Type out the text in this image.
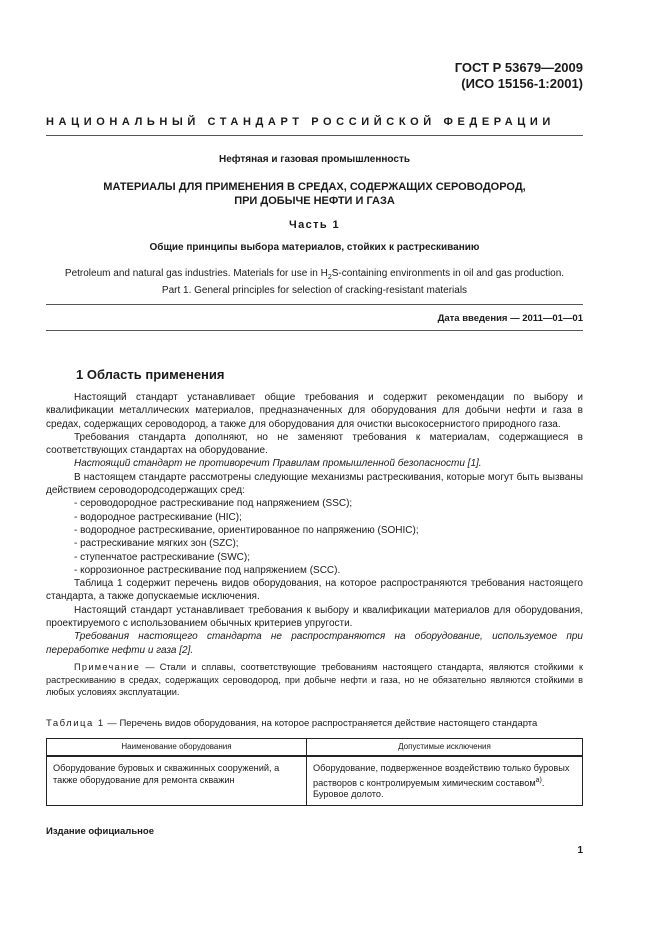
ГОСТ Р 53679—2009
(ИСО 15156-1:2001)
НАЦИОНАЛЬНЫЙ СТАНДАРТ РОССИЙСКОЙ ФЕДЕРАЦИИ
Нефтяная и газовая промышленность
МАТЕРИАЛЫ ДЛЯ ПРИМЕНЕНИЯ В СРЕДАХ, СОДЕРЖАЩИХ СЕРОВОДОРОД,
ПРИ ДОБЫЧЕ НЕФТИ И ГАЗА
Часть 1
Общие принципы выбора материалов, стойких к растрескиванию
Petroleum and natural gas industries. Materials for use in $H_2S$-containing environments in oil and gas production.
Part 1. General principles for selection of cracking-resistant materials
Дата введения — 2011—01—01
1 Область применения

Настоящий стандарт устанавливает общие требования и содержит рекомендации по выбору и квалификации металлических материалов, предназначенных для оборудования для добычи нефти и газа в средах, содержащих сероводород, а также для оборудования для очистки высокосернистого природного газа.

Требования стандарта дополняют, но не заменяют требования к материалам, содержащиеся в соответствующих стандартах на оборудование.

Настоящий стандарт не противоречит Правилам промышленной безопасности [1].

В настоящем стандарте рассмотрены следующие механизмы растрескивания, которые могут быть вызваны действием сероводородсодержащих сред:

- сероводородное растрескивание под напряжением (SSC);
- водородное растрескивание (HIC);
- водородное растрескивание, ориентированное по напряжению (SOHIC);
- растрескивание мягких зон (SZC);
- ступенчатое растрескивание (SWC);
- коррозионное растрескивание под напряжением (SCC).

Таблица 1 содержит перечень видов оборудования, на которое распространяются требования настоящего стандарта, а также допускаемые исключения.

Настоящий стандарт устанавливает требования к выбору и квалификации материалов для оборудования, проектируемого с использованием обычных критериев упругости.

Требования настоящего стандарта не распространяются на оборудование, используемое при переработке нефти и газа [2].

Примечание — Стали и сплавы, соответствующие требованиям настоящего стандарта, являются стойкими к растрескиванию в средах, содержащих сероводород, при добыче нефти и газа, но не обязательно являются стойкими в любых условиях эксплуатации.

Таблица 1 — Перечень видов оборудования, на которое распространяется действие настоящего стандарта
Наименование оборудования	Допустимые исключения
Оборудование буровых и скважинных сооружений, а также оборудование для ремонта скважин	Оборудование, подверженное воздействию только буровых растворов с контролируемым химическим составом$^{а)}$.
Буровое долото.
Издание официальное
1
